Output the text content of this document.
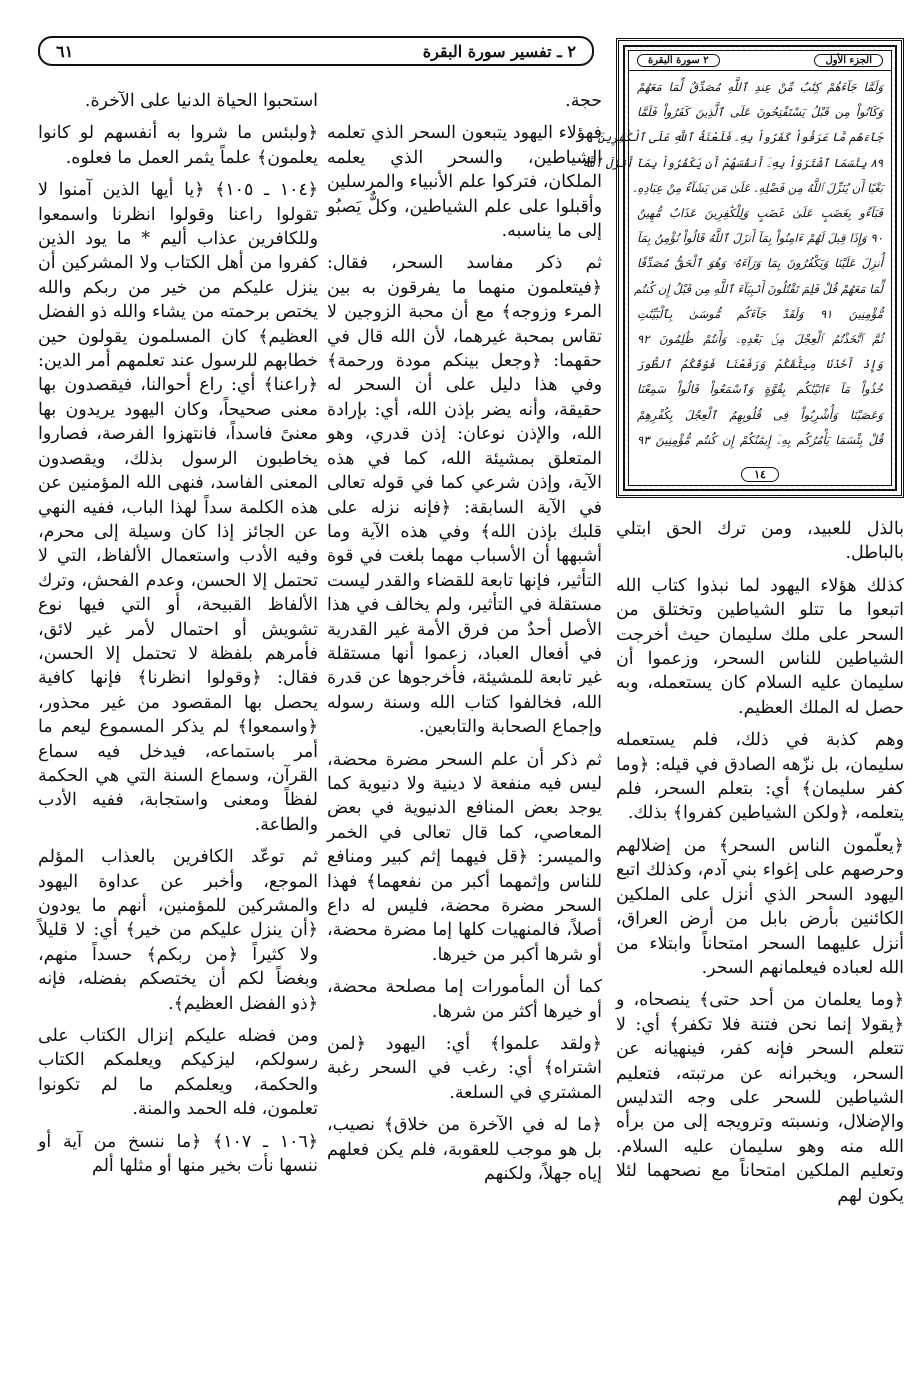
٢ ـ تفسير سورة البقرة
٦١	الجزء الأول
٢ سورة البقرة
وَلَمَّا جَآءَهُمْ كِتَٰبٌ مِّنْ عِندِ ٱللَّهِ مُصَدِّقٌ لِّمَا مَعَهُمْ
وَكَانُواْ مِن قَبْلُ يَسْتَفْتِحُونَ عَلَى ٱلَّذِينَ كَفَرُواْ فَلَمَّا
جَآءَهُم مَّا عَرَفُواْ كَفَرُواْ بِهِۦ فَلَعْنَةُ ٱللَّهِ عَلَى ٱلْكَٰفِرِينَ
٨٩ بِئْسَمَا ٱشْتَرَوْاْ بِهِۦٓ أَنفُسَهُمْ أَن يَكْفُرُواْ بِمَآ أَنزَلَ ٱللَّهُ
بَغْيًا أَن يُنَزِّلَ ٱللَّهُ مِن فَضْلِهِۦ عَلَىٰ مَن يَشَآءُ مِنْ عِبَادِهِۦ
فَبَآءُو بِغَضَبٍ عَلَىٰ غَضَبٍ وَلِلْكَٰفِرِينَ عَذَابٌ مُّهِينٌ
٩٠ وَإِذَا قِيلَ لَهُمْ ءَامِنُواْ بِمَآ أَنزَلَ ٱللَّهُ قَالُواْ نُؤْمِنُ بِمَآ
أُنزِلَ عَلَيْنَا وَيَكْفُرُونَ بِمَا وَرَآءَهُۥ وَهُوَ ٱلْحَقُّ مُصَدِّقًا
لِّمَا مَعَهُمْ قُلْ فَلِمَ تَقْتُلُونَ أَنۢبِيَآءَ ٱللَّهِ مِن قَبْلُ إِن كُنتُم
مُّؤْمِنِينَ ٩١ وَلَقَدْ جَآءَكُم مُّوسَىٰ بِٱلْبَيِّنَٰتِ
ثُمَّ ٱتَّخَذْتُمُ ٱلْعِجْلَ مِنۢ بَعْدِهِۦ وَأَنتُمْ ظَٰلِمُونَ ٩٢
وَإِذْ أَخَذْنَا مِيثَٰقَكُمْ وَرَفَعْنَا فَوْقَكُمُ ٱلطُّورَ
خُذُواْ مَآ ءَاتَيْنَٰكُم بِقُوَّةٍ وَٱسْمَعُواْ قَالُواْ سَمِعْنَا
وَعَصَيْنَا وَأُشْرِبُواْ فِى قُلُوبِهِمُ ٱلْعِجْلَ بِكُفْرِهِمْ
قُلْ بِئْسَمَا يَأْمُرُكُم بِهِۦٓ إِيمَٰنُكُمْ إِن كُنتُم مُّؤْمِنِينَ ٩٣
١٤

بالذل للعبيد، ومن ترك الحق ابتلي بالباطل.

كذلك هؤلاء اليهود لما نبذوا كتاب الله اتبعوا ما تتلو الشياطين وتختلق من السحر على ملك سليمان حيث أخرجت الشياطين للناس السحر، وزعموا أن سليمان عليه السلام كان يستعمله، وبه حصل له الملك العظيم.

وهم كذبة في ذلك، فلم يستعمله سليمان، بل نزّهه الصادق في قيله: ﴿وما كفر سليمان﴾ أي: بتعلم السحر، فلم يتعلمه، ﴿ولكن الشياطين كفروا﴾ بذلك.

﴿يعلّمون الناس السحر﴾ من إضلالهم وحرصهم على إغواء بني آدم، وكذلك اتبع اليهود السحر الذي أنزل على الملكين الكائنين بأرض بابل من أرض العراق، أنزل عليهما السحر امتحاناً وابتلاء من الله لعباده فيعلمانهم السحر.

﴿وما يعلمان من أحد حتى﴾ ينصحاه، و ﴿يقولا إنما نحن فتنة فلا تكفر﴾ أي: لا تتعلم السحر فإنه كفر، فينهيانه عن السحر، ويخبرانه عن مرتبته، فتعليم الشياطين للسحر على وجه التدليس والإضلال، ونسبته وترويجه إلى من برأه الله منه وهو سليمان عليه السلام. وتعليم الملكين امتحاناً مع نصحهما لئلا يكون لهم

حجة.

فهؤلاء اليهود يتبعون السحر الذي تعلمه الشياطين، والسحر الذي يعلمه الملكان، فتركوا علم الأنبياء والمرسلين وأقبلوا على علم الشياطين، وكلٌّ يَصبُو إلى ما يناسبه.

ثم ذكر مفاسد السحر، فقال: ﴿فيتعلمون منهما ما يفرقون به بين المرء وزوجه﴾ مع أن محبة الزوجين لا تقاس بمحبة غيرهما، لأن الله قال في حقهما: ﴿وجعل بينكم مودة ورحمة﴾ وفي هذا دليل على أن السحر له حقيقة، وأنه يضر بإذن الله، أي: بإرادة الله، والإذن نوعان: إذن قدري، وهو المتعلق بمشيئة الله، كما في هذه الآية، وإذن شرعي كما في قوله تعالى في الآية السابقة: ﴿فإنه نزله على قلبك بإذن الله﴾ وفي هذه الآية وما أشبهها أن الأسباب مهما بلغت في قوة التأثير، فإنها تابعة للقضاء والقدر ليست مستقلة في التأثير، ولم يخالف في هذا الأصل أحدٌ من فرق الأمة غير القدرية في أفعال العباد، زعموا أنها مستقلة غير تابعة للمشيئة، فأخرجوها عن قدرة الله، فخالفوا كتاب الله وسنة رسوله وإجماع الصحابة والتابعين.

ثم ذكر أن علم السحر مضرة محضة، ليس فيه منفعة لا دينية ولا دنيوية كما يوجد بعض المنافع الدنيوية في بعض المعاصي، كما قال تعالى في الخمر والميسر: ﴿قل فيهما إثم كبير ومنافع للناس وإثمهما أكبر من نفعهما﴾ فهذا السحر مضرة محضة، فليس له داع أصلاً، فالمنهيات كلها إما مضرة محضة، أو شرها أكبر من خيرها.

كما أن المأمورات إما مصلحة محضة، أو خيرها أكثر من شرها.

﴿ولقد علموا﴾ أي: اليهود ﴿لمن اشتراه﴾ أي: رغب في السحر رغبة المشتري في السلعة.

﴿ما له في الآخرة من خلاق﴾ نصيب، بل هو موجب للعقوبة، فلم يكن فعلهم إياه جهلاً، ولكنهم

استحبوا الحياة الدنيا على الآخرة.

﴿ولبئس ما شروا به أنفسهم لو كانوا يعلمون﴾ علماً يثمر العمل ما فعلوه.

﴿١٠٤ ـ ١٠٥﴾ ﴿يا أيها الذين آمنوا لا تقولوا راعنا وقولوا انظرنا واسمعوا وللكافرين عذاب أليم * ما يود الذين كفروا من أهل الكتاب ولا المشركين أن ينزل عليكم من خير من ربكم والله يختص برحمته من يشاء والله ذو الفضل العظيم﴾ كان المسلمون يقولون حين خطابهم للرسول عند تعلمهم أمر الدين: ﴿راعنا﴾ أي: راع أحوالنا، فيقصدون بها معنى صحيحاً، وكان اليهود يريدون بها معنىً فاسداً، فانتهزوا الفرصة، فصاروا يخاطبون الرسول بذلك، ويقصدون المعنى الفاسد، فنهى الله المؤمنين عن هذه الكلمة سداً لهذا الباب، ففيه النهي عن الجائز إذا كان وسيلة إلى محرم، وفيه الأدب واستعمال الألفاظ، التي لا تحتمل إلا الحسن، وعدم الفحش، وترك الألفاظ القبيحة، أو التي فيها نوع تشويش أو احتمال لأمر غير لائق، فأمرهم بلفظة لا تحتمل إلا الحسن، فقال: ﴿وقولوا انظرنا﴾ فإنها كافية يحصل بها المقصود من غير محذور، ﴿واسمعوا﴾ لم يذكر المسموع ليعم ما أمر باستماعه، فيدخل فيه سماع القرآن، وسماع السنة التي هي الحكمة لفظاً ومعنى واستجابة، ففيه الأدب والطاعة.

ثم توعّد الكافرين بالعذاب المؤلم الموجع، وأخبر عن عداوة اليهود والمشركين للمؤمنين، أنهم ما يودون ﴿أن ينزل عليكم من خير﴾ أي: لا قليلاً ولا كثيراً ﴿من ربكم﴾ حسداً منهم، وبغضاً لكم أن يختصكم بفضله، فإنه ﴿ذو الفضل العظيم﴾.

ومن فضله عليكم إنزال الكتاب على رسولكم، ليزكيكم ويعلمكم الكتاب والحكمة، ويعلمكم ما لم تكونوا تعلمون، فله الحمد والمنة.

﴿١٠٦ ـ ١٠٧﴾ ﴿ما ننسخ من آية أو ننسها نأت بخير منها أو مثلها ألم
